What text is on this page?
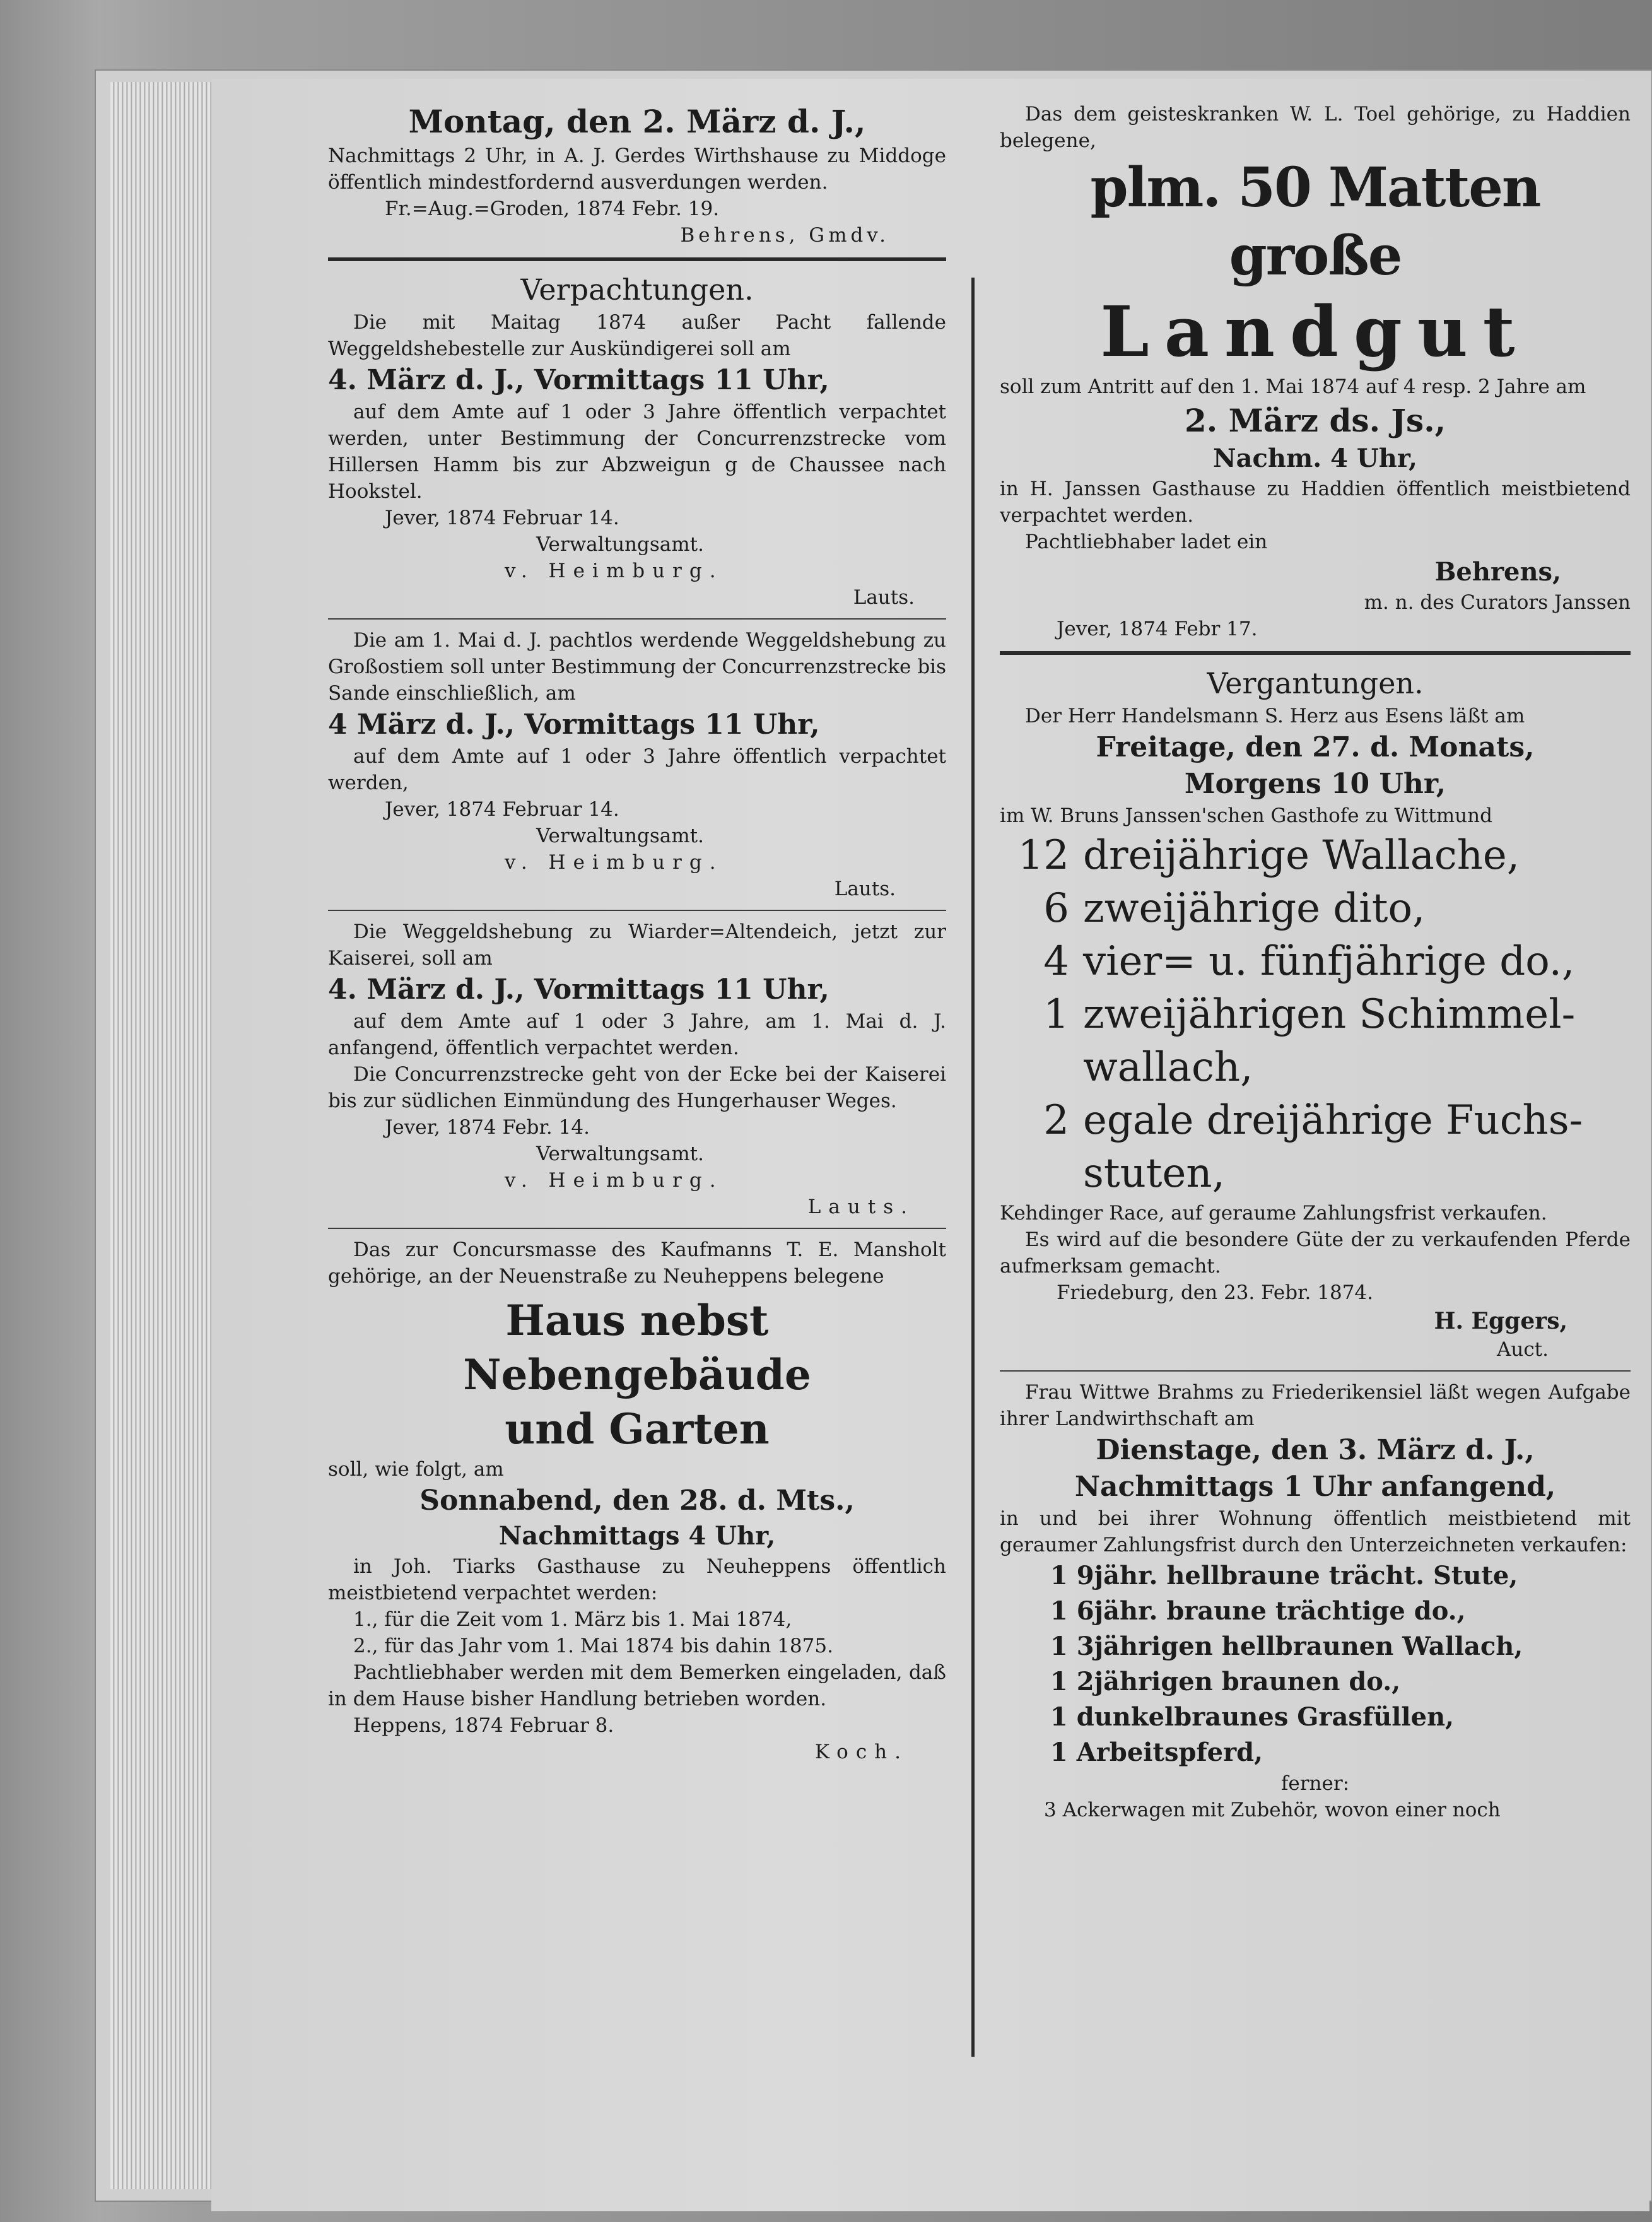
Montag, den 2. März d. J.,

Nachmittags 2 Uhr, in A. J. Gerdes Wirthshause zu Middoge öffentlich mindestfordernd ausverdungen werden.

Fr.=Aug.=Groden, 1874 Febr. 19.

Behrens, Gmdv.

Verpachtungen.

Die mit Maitag 1874 außer Pacht fallende Weggeldshebestelle zur Auskündigerei soll am

4. März d. J., Vormittags 11 Uhr,

auf dem Amte auf 1 oder 3 Jahre öffentlich verpachtet werden, unter Bestimmung der Concurrenzstrecke vom Hillersen Hamm bis zur Abzweigun g de Chaussee nach Hookstel.

Jever, 1874 Februar 14.

Verwaltungsamt.

v. Heimburg.

Lauts.

Die am 1. Mai d. J. pachtlos werdende Weggeldshebung zu Großostiem soll unter Bestimmung der Concurrenzstrecke bis Sande einschließlich, am

4 März d. J., Vormittags 11 Uhr,

auf dem Amte auf 1 oder 3 Jahre öffentlich verpachtet werden,

Jever, 1874 Februar 14.

Verwaltungsamt.

v. Heimburg.

Lauts.

Die Weggeldshebung zu Wiarder=Altendeich, jetzt zur Kaiserei, soll am

4. März d. J., Vormittags 11 Uhr,

auf dem Amte auf 1 oder 3 Jahre, am 1. Mai d. J. anfangend, öffentlich verpachtet werden.

Die Concurrenzstrecke geht von der Ecke bei der Kaiserei bis zur südlichen Einmündung des Hungerhauser Weges.

Jever, 1874 Febr. 14.

Verwaltungsamt.

v. Heimburg.

Lauts.

Das zur Concursmasse des Kaufmanns T. E. Mansholt gehörige, an der Neuenstraße zu Neuheppens belegene

Haus nebst Nebengebäude

und Garten

soll, wie folgt, am

Sonnabend, den 28. d. Mts.,

Nachmittags 4 Uhr,

in Joh. Tiarks Gasthause zu Neuheppens öffentlich meistbietend verpachtet werden:

1., für die Zeit vom 1. März bis 1. Mai 1874,

2., für das Jahr vom 1. Mai 1874 bis dahin 1875.

Pachtliebhaber werden mit dem Bemerken eingeladen, daß in dem Hause bisher Handlung betrieben worden.

Heppens, 1874 Februar 8.

Koch.

Das dem geisteskranken W. L. Toel gehörige, zu Haddien belegene,

plm. 50 Matten große

Landgut

soll zum Antritt auf den 1. Mai 1874 auf 4 resp. 2 Jahre am

2. März ds. Js.,

Nachm. 4 Uhr,

in H. Janssen Gasthause zu Haddien öffentlich meistbietend verpachtet werden.

Pachtliebhaber ladet ein

Behrens,

m. n. des Curators Janssen

Jever, 1874 Febr 17.

Vergantungen.

Der Herr Handelsmann S. Herz aus Esens läßt am

Freitage, den 27. d. Monats,

Morgens 10 Uhr,

im W. Bruns Janssen'schen Gasthofe zu Wittmund

12 dreijährige Wallache,

6 zweijährige dito,

4 vier= u. fünfjährige do.,

1 zweijährigen Schimmel-

wallach,

2 egale dreijährige Fuchs-

stuten,

Kehdinger Race, auf geraume Zahlungsfrist verkaufen.

Es wird auf die besondere Güte der zu verkaufenden Pferde aufmerksam gemacht.

Friedeburg, den 23. Febr. 1874.

H. Eggers,

Auct.

Frau Wittwe Brahms zu Friederikensiel läßt wegen Aufgabe ihrer Landwirthschaft am

Dienstage, den 3. März d. J.,

Nachmittags 1 Uhr anfangend,

in und bei ihrer Wohnung öffentlich meistbietend mit geraumer Zahlungsfrist durch den Unterzeichneten verkaufen:

1 9jähr. hellbraune trächt. Stute,

1 6jähr. braune trächtige do.,

1 3jährigen hellbraunen Wallach,

1 2jährigen braunen do.,

1 dunkelbraunes Grasfüllen,

1 Arbeitspferd,

ferner:

3 Ackerwagen mit Zubehör, wovon einer noch
